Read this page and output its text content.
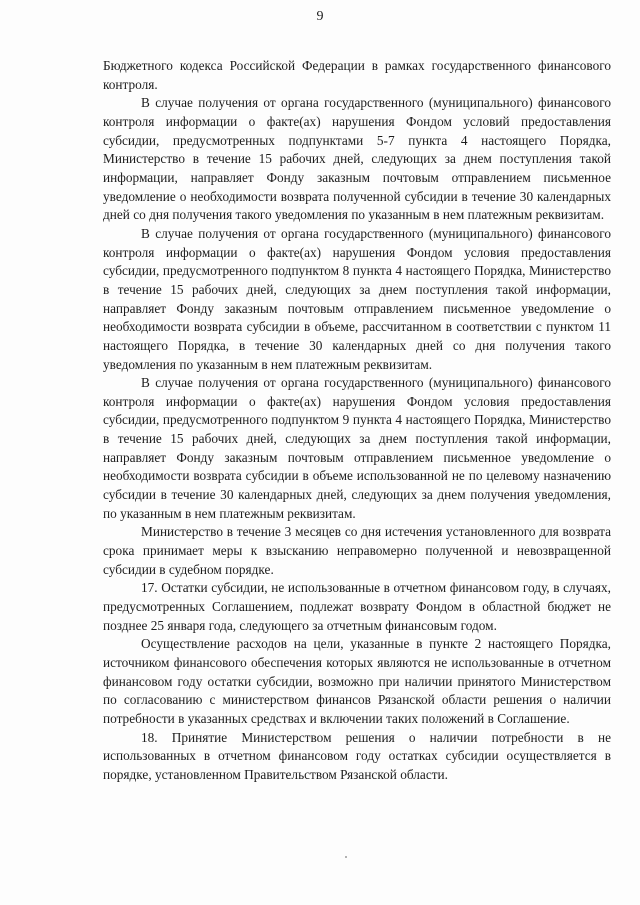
9

Бюджетного кодекса Российской Федерации в рамках государственного финансового контроля.

В случае получения от органа государственного (муниципального) финансового контроля информации о факте(ах) нарушения Фондом условий предоставления субсидии, предусмотренных подпунктами 5-7 пункта 4 настоящего Порядка, Министерство в течение 15 рабочих дней, следующих за днем поступления такой информации, направляет Фонду заказным почтовым отправлением письменное уведомление о необходимости возврата полученной субсидии в течение 30 календарных дней со дня получения такого уведомления по указанным в нем платежным реквизитам.

В случае получения от органа государственного (муниципального) финансового контроля информации о факте(ах) нарушения Фондом условия предоставления субсидии, предусмотренного подпунктом 8 пункта 4 настоящего Порядка, Министерство в течение 15 рабочих дней, следующих за днем поступления такой информации, направляет Фонду заказным почтовым отправлением письменное уведомление о необходимости возврата субсидии в объеме, рассчитанном в соответствии с пунктом 11 настоящего Порядка, в течение 30 календарных дней со дня получения такого уведомления по указанным в нем платежным реквизитам.

В случае получения от органа государственного (муниципального) финансового контроля информации о факте(ах) нарушения Фондом условия предоставления субсидии, предусмотренного подпунктом 9 пункта 4 настоящего Порядка, Министерство в течение 15 рабочих дней, следующих за днем поступления такой информации, направляет Фонду заказным почтовым отправлением письменное уведомление о необходимости возврата субсидии в объеме использованной не по целевому назначению субсидии в течение 30 календарных дней, следующих за днем получения уведомления, по указанным в нем платежным реквизитам.

Министерство в течение 3 месяцев со дня истечения установленного для возврата срока принимает меры к взысканию неправомерно полученной и невозвращенной субсидии в судебном порядке.

17. Остатки субсидии, не использованные в отчетном финансовом году, в случаях, предусмотренных Соглашением, подлежат возврату Фондом в областной бюджет не позднее 25 января года, следующего за отчетным финансовым годом.

Осуществление расходов на цели, указанные в пункте 2 настоящего Порядка, источником финансового обеспечения которых являются не использованные в отчетном финансовом году остатки субсидии, возможно при наличии принятого Министерством по согласованию с министерством финансов Рязанской области решения о наличии потребности в указанных средствах и включении таких положений в Соглашение.

18. Принятие Министерством решения о наличии потребности в не использованных в отчетном финансовом году остатках субсидии осуществляется в порядке, установленном Правительством Рязанской области.
